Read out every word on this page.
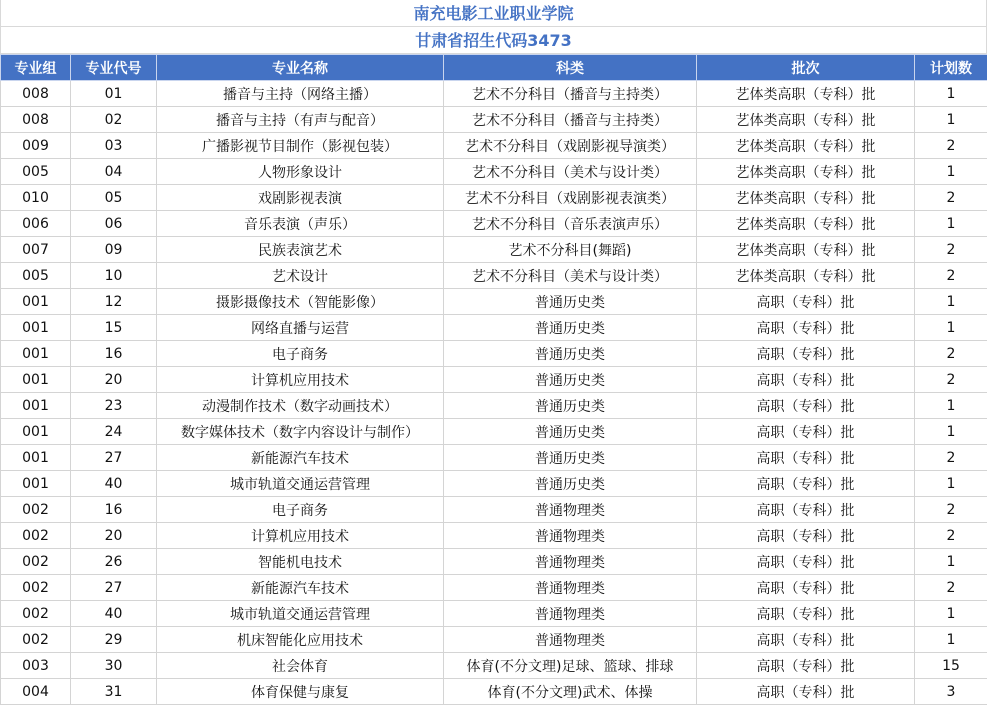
南充电影工业职业学院
甘肃省招生代码3473
专业组	专业代号	专业名称	科类	批次	计划数
008	01	播音与主持（网络主播）	艺术不分科目（播音与主持类）	艺体类高职（专科）批	1
008	02	播音与主持（有声与配音）	艺术不分科目（播音与主持类）	艺体类高职（专科）批	1
009	03	广播影视节目制作（影视包装）	艺术不分科目（戏剧影视导演类）	艺体类高职（专科）批	2
005	04	人物形象设计	艺术不分科目（美术与设计类）	艺体类高职（专科）批	1
010	05	戏剧影视表演	艺术不分科目（戏剧影视表演类）	艺体类高职（专科）批	2
006	06	音乐表演（声乐）	艺术不分科目（音乐表演声乐）	艺体类高职（专科）批	1
007	09	民族表演艺术	艺术不分科目(舞蹈)	艺体类高职（专科）批	2
005	10	艺术设计	艺术不分科目（美术与设计类）	艺体类高职（专科）批	2
001	12	摄影摄像技术（智能影像）	普通历史类	高职（专科）批	1
001	15	网络直播与运营	普通历史类	高职（专科）批	1
001	16	电子商务	普通历史类	高职（专科）批	2
001	20	计算机应用技术	普通历史类	高职（专科）批	2
001	23	动漫制作技术（数字动画技术）	普通历史类	高职（专科）批	1
001	24	数字媒体技术（数字内容设计与制作）	普通历史类	高职（专科）批	1
001	27	新能源汽车技术	普通历史类	高职（专科）批	2
001	40	城市轨道交通运营管理	普通历史类	高职（专科）批	1
002	16	电子商务	普通物理类	高职（专科）批	2
002	20	计算机应用技术	普通物理类	高职（专科）批	2
002	26	智能机电技术	普通物理类	高职（专科）批	1
002	27	新能源汽车技术	普通物理类	高职（专科）批	2
002	40	城市轨道交通运营管理	普通物理类	高职（专科）批	1
002	29	机床智能化应用技术	普通物理类	高职（专科）批	1
003	30	社会体育	体育(不分文理)足球、篮球、排球	高职（专科）批	15
004	31	体育保健与康复	体育(不分文理)武术、体操	高职（专科）批	3
